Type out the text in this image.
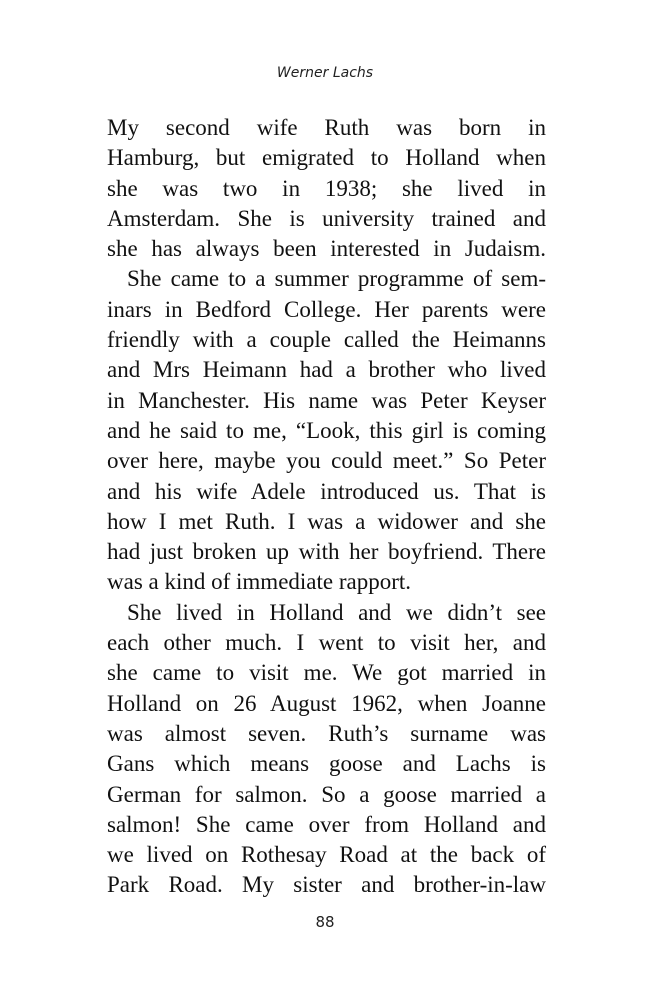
Werner Lachs
My second wife Ruth was born in
Hamburg, but emigrated to Holland when
she was two in 1938; she lived in
Amsterdam. She is university trained and
she has always been interested in Judaism.
She came to a summer programme of sem-
inars in Bedford College. Her parents were
friendly with a couple called the Heimanns
and Mrs Heimann had a brother who lived
in Manchester. His name was Peter Keyser
and he said to me, “Look, this girl is coming
over here, maybe you could meet.” So Peter
and his wife Adele introduced us. That is
how I met Ruth. I was a widower and she
had just broken up with her boyfriend. There
was a kind of immediate rapport.
She lived in Holland and we didn’t see
each other much. I went to visit her, and
she came to visit me. We got married in
Holland on 26 August 1962, when Joanne
was almost seven. Ruth’s surname was
Gans which means goose and Lachs is
German for salmon. So a goose married a
salmon! She came over from Holland and
we lived on Rothesay Road at the back of
Park Road. My sister and brother-in-law
88
